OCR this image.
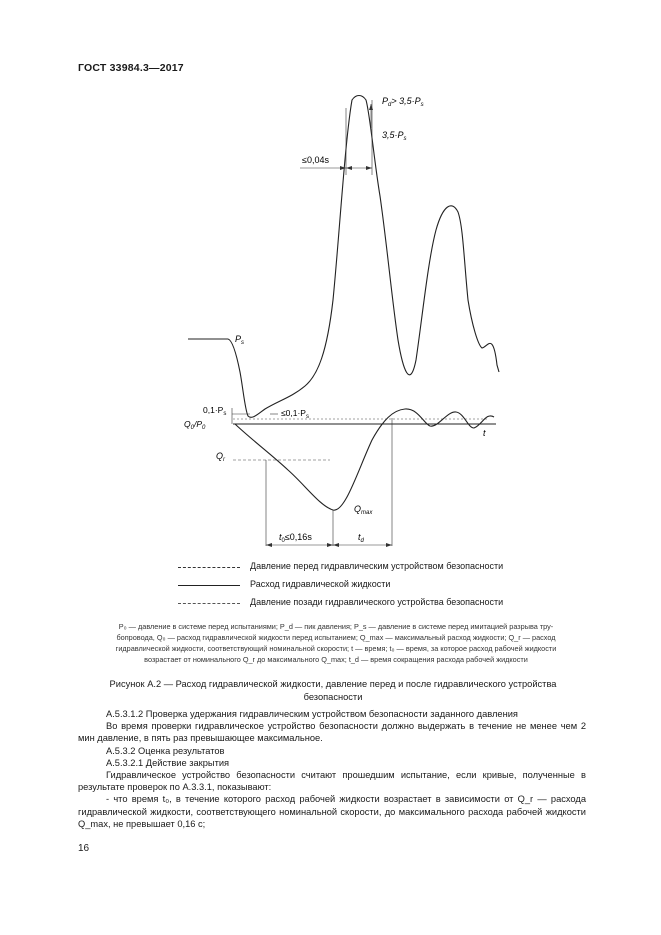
ГОСТ 33984.3—2017
$P_d> 3,5\cdot P_s$
$3,5\cdot P_s$
≤0,04s
$P_s$
$0,1\cdot P_s$	$\le 0,1\cdot P_s$
$Q_0/P_0$	t
$Q_r$
$Q_{max}$
$t_0\le 0,16s$	$t_d$
Давление перед гидравлическим устройством безопасности
Расход гидравлической жидкости
Давление позади гидравлического устройства безопасности
P₀ — давление в системе перед испытаниями; P_d — пик давления; P_s — давление в системе перед имитацией разрыва тру-
бопровода, Q₀ — расход гидравлической жидкости перед испытанием; Q_max — максимальный расход жидкости; Q_r — расход
гидравлической жидкости, соответствующий номинальной скорости; t — время; t₀ — время, за которое расход рабочей жидкости
возрастает от номинального Q_r до максимального Q_max; t_d — время сокращения расхода рабочей жидкости
Рисунок А.2 — Расход гидравлической жидкости, давление перед и после гидравлического устройства безопасности

А.5.3.1.2 Проверка удержания гидравлическим устройством безопасности заданного давления

Во время проверки гидравлическое устройство безопасности должно выдержать в течение не менее чем 2 мин давление, в пять раз превышающее максимальное.

А.5.3.2 Оценка результатов

А.5.3.2.1 Действие закрытия

Гидравлическое устройство безопасности считают прошедшим испытание, если кривые, полученные в результате проверок по А.3.3.1, показывают:

- что время t₀, в течение которого расход рабочей жидкости возрастает в зависимости от Q_r — расхода гидравлической жидкости, соответствующего номинальной скорости, до максимального расхода рабочей жидкости Q_max, не превышает 0,16 с;

16
